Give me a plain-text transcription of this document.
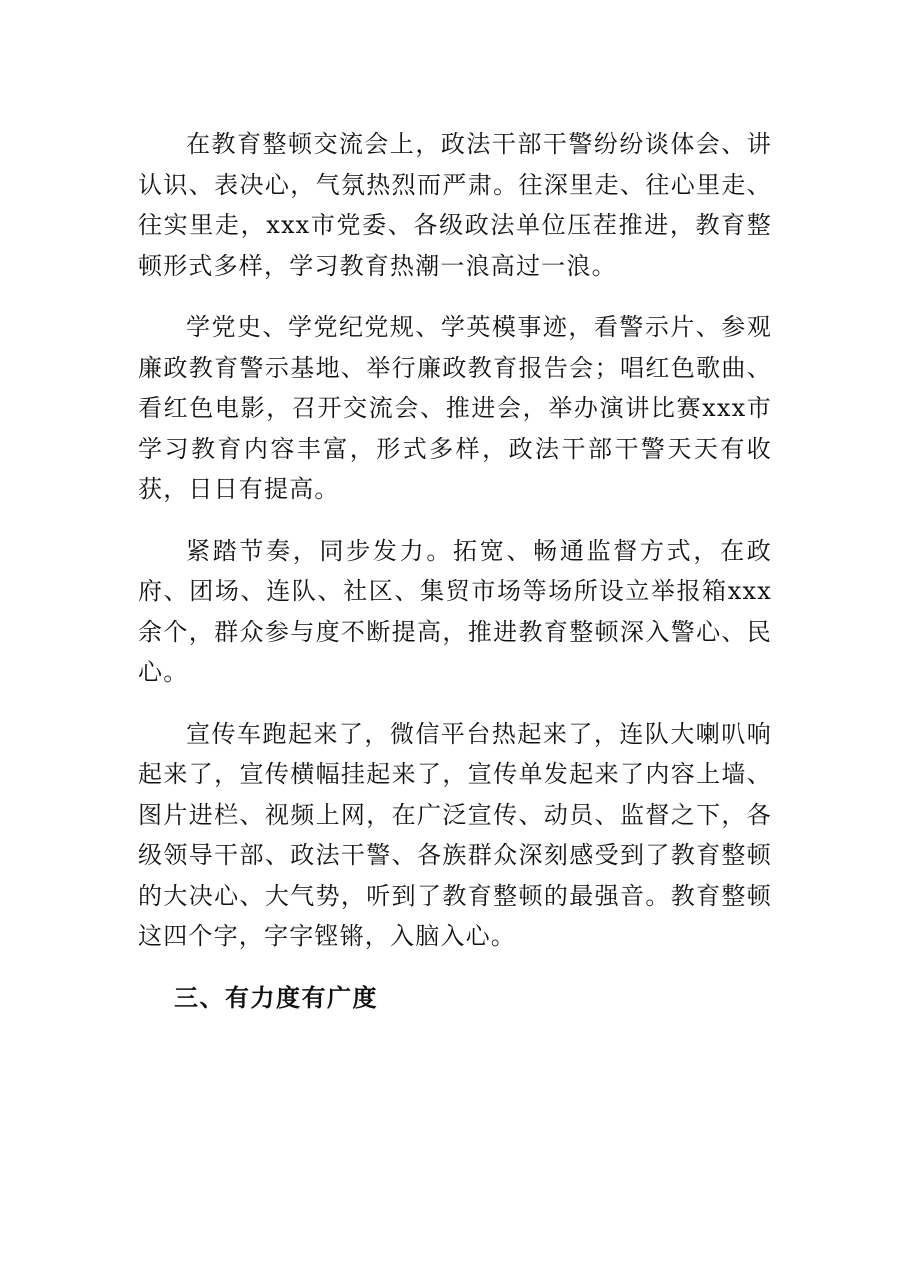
在教育整顿交流会上，政法干部干警纷纷谈体会、讲认识、表决心，气氛热烈而严肃。往深里走、往心里走、往实里走，xxx市党委、各级政法单位压茬推进，教育整顿形式多样，学习教育热潮一浪高过一浪。

学党史、学党纪党规、学英模事迹，看警示片、参观廉政教育警示基地、举行廉政教育报告会；唱红色歌曲、看红色电影，召开交流会、推进会，举办演讲比赛xxx市学习教育内容丰富，形式多样，政法干部干警天天有收获，日日有提高。

紧踏节奏，同步发力。拓宽、畅通监督方式，在政府、团场、连队、社区、集贸市场等场所设立举报箱xxx余个，群众参与度不断提高，推进教育整顿深入警心、民心。

宣传车跑起来了，微信平台热起来了，连队大喇叭响起来了，宣传横幅挂起来了，宣传单发起来了内容上墙、图片进栏、视频上网，在广泛宣传、动员、监督之下，各级领导干部、政法干警、各族群众深刻感受到了教育整顿的大决心、大气势，听到了教育整顿的最强音。教育整顿这四个字，字字铿锵，入脑入心。

三、有力度有广度
